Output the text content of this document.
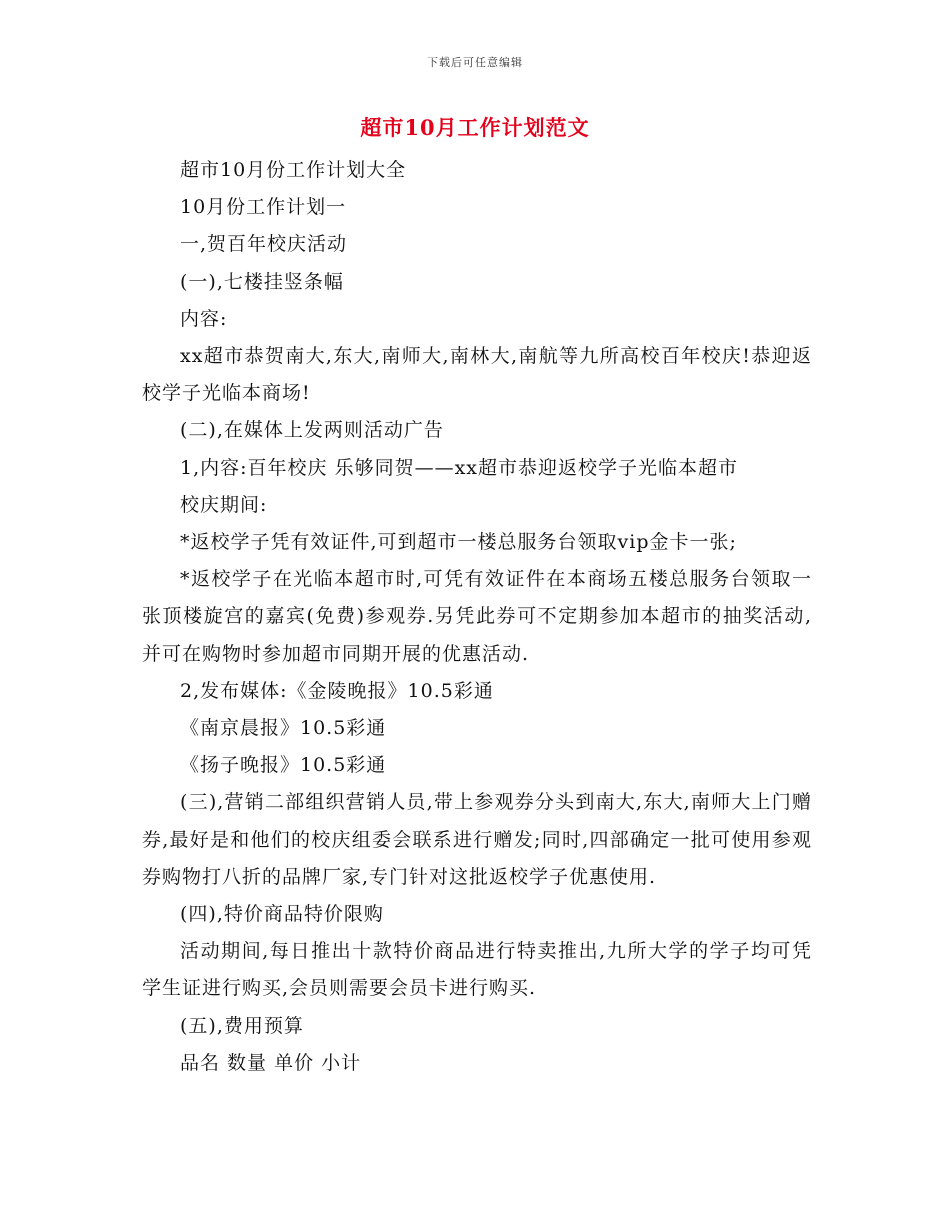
下载后可任意编辑
超市10月工作计划范文

超市10月份工作计划大全

10月份工作计划一

一,贺百年校庆活动

(一),七楼挂竖条幅

内容:

xx超市恭贺南大,东大,南师大,南林大,南航等九所高校百年校庆!恭迎返校学子光临本商场!

(二),在媒体上发两则活动广告

1,内容:百年校庆 乐够同贺——xx超市恭迎返校学子光临本超市

校庆期间:

*返校学子凭有效证件,可到超市一楼总服务台领取vip金卡一张;

*返校学子在光临本超市时,可凭有效证件在本商场五楼总服务台领取一张顶楼旋宫的嘉宾(免费)参观券.另凭此券可不定期参加本超市的抽奖活动,并可在购物时参加超市同期开展的优惠活动.

2,发布媒体:《金陵晚报》10.5彩通

《南京晨报》10.5彩通

《扬子晚报》10.5彩通

(三),营销二部组织营销人员,带上参观券分头到南大,东大,南师大上门赠券,最好是和他们的校庆组委会联系进行赠发;同时,四部确定一批可使用参观券购物打八折的品牌厂家,专门针对这批返校学子优惠使用.

(四),特价商品特价限购

活动期间,每日推出十款特价商品进行特卖推出,九所大学的学子均可凭学生证进行购买,会员则需要会员卡进行购买.

(五),费用预算

品名 数量 单价 小计
